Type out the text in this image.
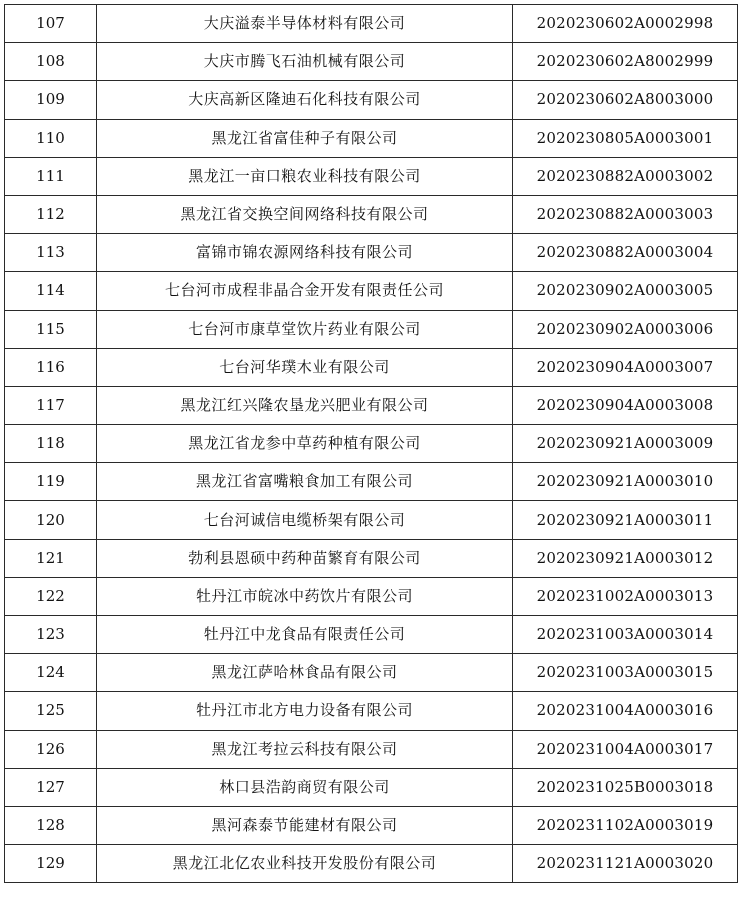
107	大庆溢泰半导体材料有限公司	2020230602A0002998
108	大庆市腾飞石油机械有限公司	2020230602A8002999
109	大庆高新区隆迪石化科技有限公司	2020230602A8003000
110	黑龙江省富佳种子有限公司	2020230805A0003001
111	黑龙江一亩口粮农业科技有限公司	2020230882A0003002
112	黑龙江省交换空间网络科技有限公司	2020230882A0003003
113	富锦市锦农源网络科技有限公司	2020230882A0003004
114	七台河市成程非晶合金开发有限责任公司	2020230902A0003005
115	七台河市康草堂饮片药业有限公司	2020230902A0003006
116	七台河华璞木业有限公司	2020230904A0003007
117	黑龙江红兴隆农垦龙兴肥业有限公司	2020230904A0003008
118	黑龙江省龙参中草药种植有限公司	2020230921A0003009
119	黑龙江省富嘴粮食加工有限公司	2020230921A0003010
120	七台河诚信电缆桥架有限公司	2020230921A0003011
121	勃利县恩硕中药种苗繁育有限公司	2020230921A0003012
122	牡丹江市皖冰中药饮片有限公司	2020231002A0003013
123	牡丹江中龙食品有限责任公司	2020231003A0003014
124	黑龙江萨哈林食品有限公司	2020231003A0003015
125	牡丹江市北方电力设备有限公司	2020231004A0003016
126	黑龙江考拉云科技有限公司	2020231004A0003017
127	林口县浩韵商贸有限公司	2020231025B0003018
128	黑河森泰节能建材有限公司	2020231102A0003019
129	黑龙江北亿农业科技开发股份有限公司	2020231121A0003020
